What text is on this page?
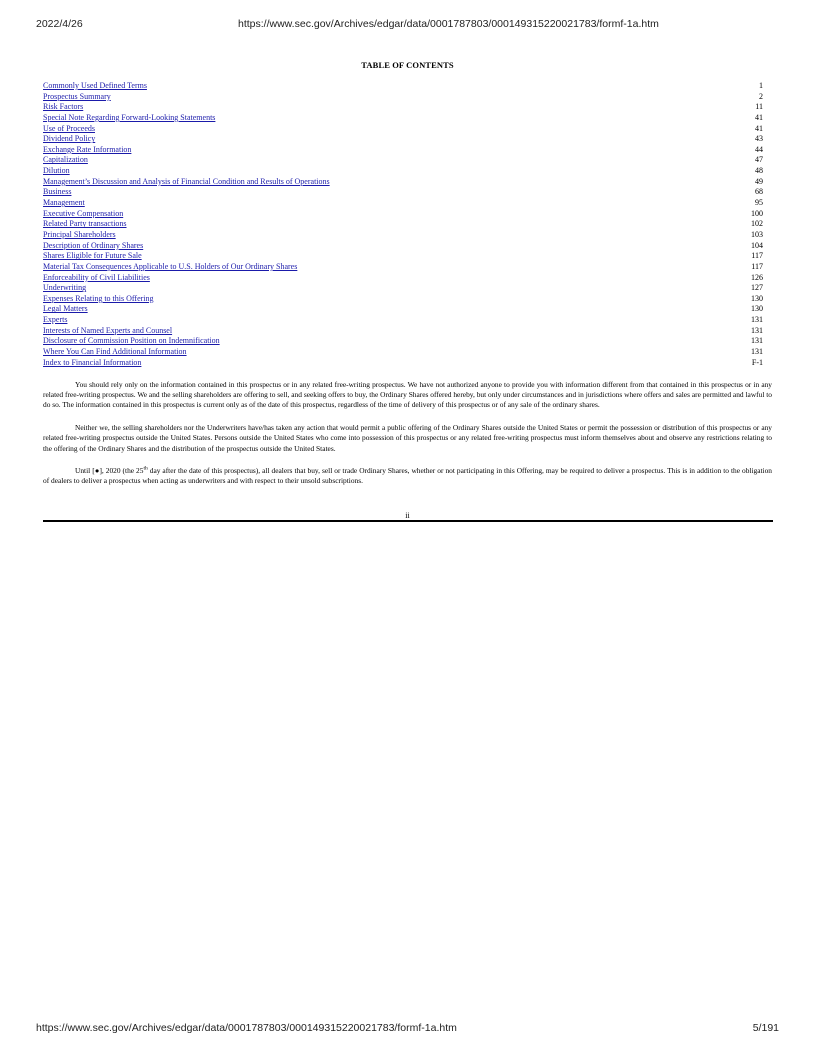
2022/4/26	https://www.sec.gov/Archives/edgar/data/0001787803/000149315220021783/formf-1a.htm
TABLE OF CONTENTS
Commonly Used Defined Terms	1
Prospectus Summary	2
Risk Factors	11
Special Note Regarding Forward-Looking Statements	41
Use of Proceeds	41
Dividend Policy	43
Exchange Rate Information	44
Capitalization	47
Dilution	48
Management’s Discussion and Analysis of Financial Condition and Results of Operations	49
Business	68
Management	95
Executive Compensation	100
Related Party transactions	102
Principal Shareholders	103
Description of Ordinary Shares	104
Shares Eligible for Future Sale	117
Material Tax Consequences Applicable to U.S. Holders of Our Ordinary Shares	117
Enforceability of Civil Liabilities	126
Underwriting	127
Expenses Relating to this Offering	130
Legal Matters	130
Experts	131
Interests of Named Experts and Counsel	131
Disclosure of Commission Position on Indemnification	131
Where You Can Find Additional Information	131
Index to Financial Information	F-1

You should rely only on the information contained in this prospectus or in any related free-writing prospectus. We have not authorized anyone to provide you with information different from that contained in this prospectus or in any related free-writing prospectus. We and the selling shareholders are offering to sell, and seeking offers to buy, the Ordinary Shares offered hereby, but only under circumstances and in jurisdictions where offers and sales are permitted and lawful to do so. The information contained in this prospectus is current only as of the date of this prospectus, regardless of the time of delivery of this prospectus or of any sale of the ordinary shares.

Neither we, the selling shareholders nor the Underwriters have/has taken any action that would permit a public offering of the Ordinary Shares outside the United States or permit the possession or distribution of this prospectus or any related free-writing prospectus outside the United States. Persons outside the United States who come into possession of this prospectus or any related free-writing prospectus must inform themselves about and observe any restrictions relating to the offering of the Ordinary Shares and the distribution of the prospectus outside the United States.

Until [●], 2020 (the 25th day after the date of this prospectus), all dealers that buy, sell or trade Ordinary Shares, whether or not participating in this Offering, may be required to deliver a prospectus. This is in addition to the obligation of dealers to deliver a prospectus when acting as underwriters and with respect to their unsold subscriptions.

ii
https://www.sec.gov/Archives/edgar/data/0001787803/000149315220021783/formf-1a.htm	5/191
